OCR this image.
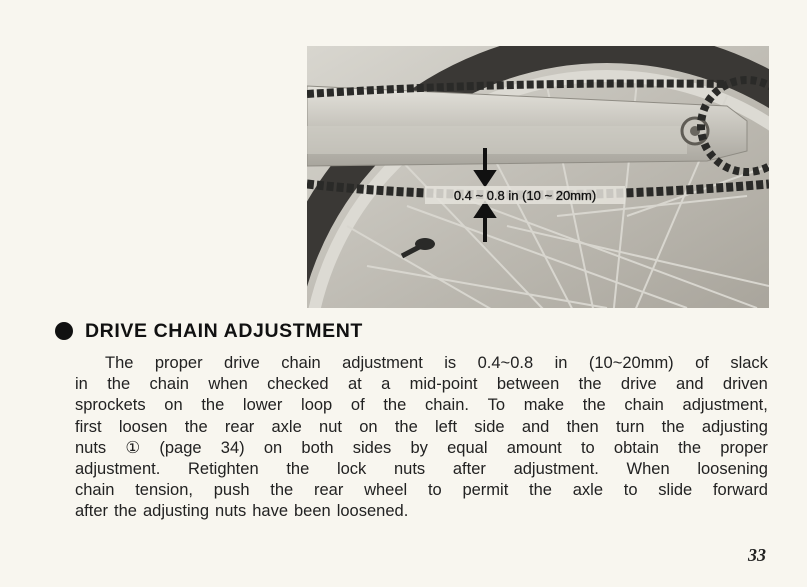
0.4 ~ 0.8 in (10 ~ 20mm)
DRIVE CHAIN ADJUSTMENT
The proper drive chain adjustment is 0.4~0.8 in (10~20mm) of slack
in the chain when checked at a mid-point between the drive and driven
sprockets on the lower loop of the chain. To make the chain adjustment,
first loosen the rear axle nut on the left side and then turn the adjusting
nuts ① (page 34) on both sides by equal amount to obtain the proper
adjustment. Retighten the lock nuts after adjustment. When loosening
chain tension, push the rear wheel to permit the axle to slide forward
after the adjusting nuts have been loosened.
33
